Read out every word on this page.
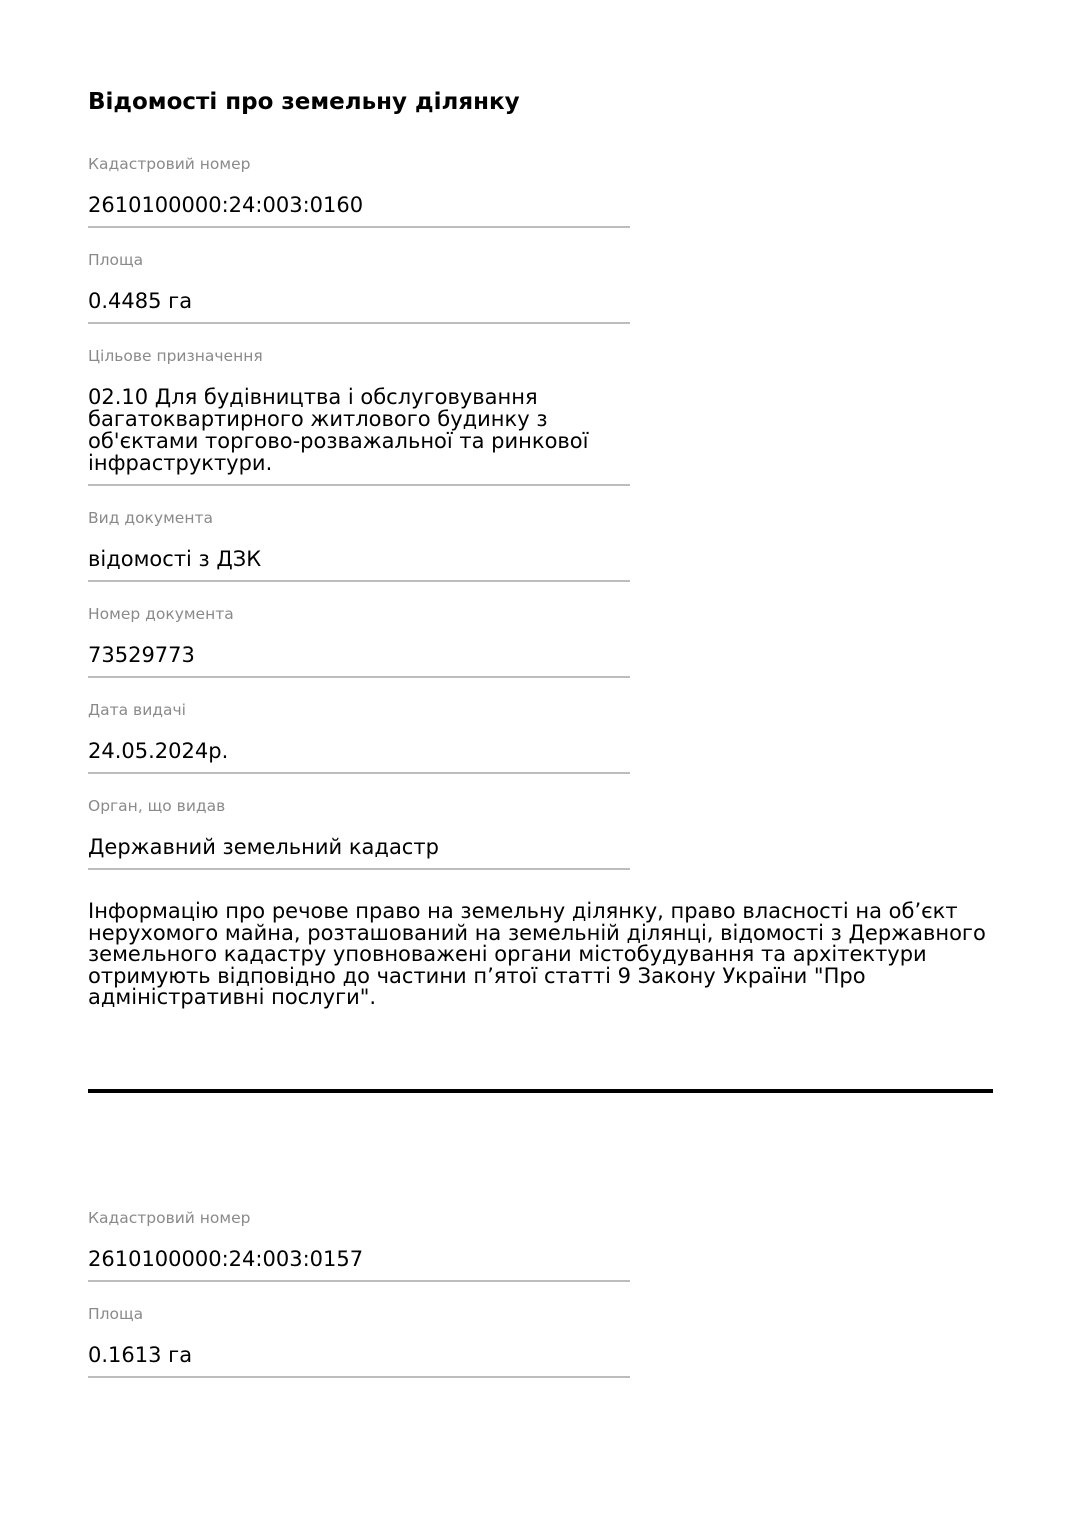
Відомості про земельну ділянку
Кадастровий номер
2610100000:24:003:0160
Площа
0.4485 га
Цільове призначення
02.10 Для будівництва і обслуговування багатоквартирного житлового будинку з об'єктами торгово-розважальної та ринкової інфраструктури.
Вид документа
відомості з ДЗК
Номер документа
73529773
Дата видачі
24.05.2024р.
Орган, що видав
Державний земельний кадастр

Інформацію про речове право на земельну ділянку, право власності на об’єкт нерухомого майна, розташований на земельній ділянці, відомості з Державного земельного кадастру уповноважені органи містобудування та архітектури отримують відповідно до частини п’ятої статті 9 Закону України "Про адміністративні послуги".

Кадастровий номер
2610100000:24:003:0157
Площа
0.1613 га
